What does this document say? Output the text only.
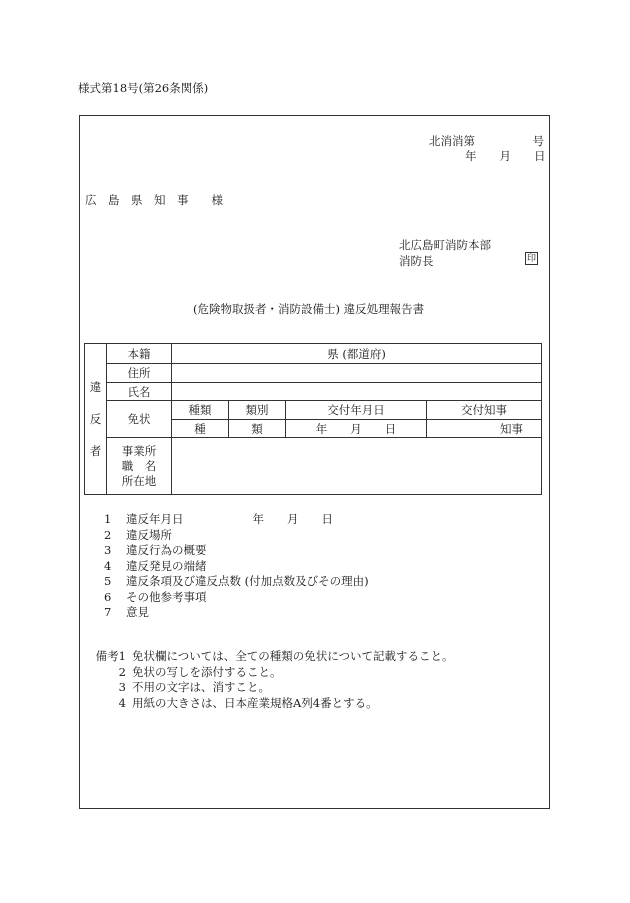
様式第18号(第26条関係)
北消消第　　　　　号
年　　月　　日
広　島　県　知　事　　様
北広島町消防本部
消防長	印
(危険物取扱者・消防設備士) 違反処理報告書
違
反
者	本籍	県 (都道府)			
	住所				
	氏名				
	免状	種類	類別	交付年月日	交付知事
		種	類	年　　月　　日	知事
	事業所
職　名
所在地				
1 違反年月日　　　　　　年　　月　　日
2 違反場所
3 違反行為の概要
4 違反発見の端緒
5 違反条項及び違反点数 (付加点数及びその理由)
6 その他参考事項
7 意見
備考1 免状欄については、全ての種類の免状について記載すること。
2 免状の写しを添付すること。
3 不用の文字は、消すこと。
4 用紙の大きさは、日本産業規格A列4番とする。
